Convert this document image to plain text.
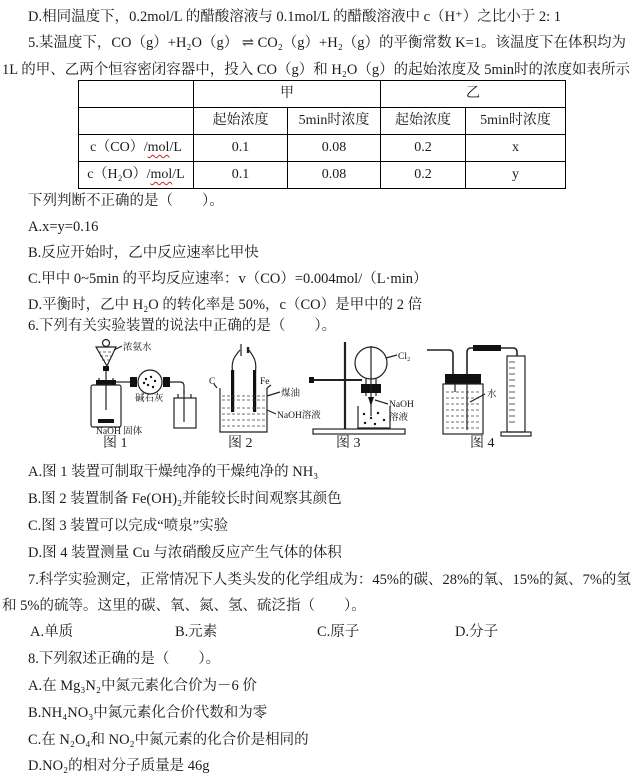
D.相同温度下，0.2mol/L 的醋酸溶液与 0.1mol/L 的醋酸溶液中 c（H⁺）之比小于 2: 1
5.某温度下，CO（g）+H₂O（g） ⇌ CO₂（g）+H₂（g）的平衡常数 K=1。该温度下在体积均为
1L 的甲、乙两个恒容密闭容器中，投入 CO（g）和 H₂O（g）的起始浓度及 5min时的浓度如表所示
	甲		乙	
	起始浓度	5min时浓度	起始浓度	5min时浓度
c（CO）/mol/L	0.1	0.08	0.2	x
c（H₂O）/mol/L	0.1	0.08	0.2	y
下列判断不正确的是（　　）。
A.x=y=0.16
B.反应开始时，乙中反应速率比甲快
C.甲中 0~5min 的平均反应速率：v（CO）=0.004mol/（L·min）
D.平衡时，乙中 H₂O 的转化率是 50%，c（CO）是甲中的 2 倍
6.下列有关实验装置的说法中正确的是（　　）。
浓氨水
碱石灰
NaOH 固体
图 1
C	Fe
煤油
NaOH溶液
图 2
Cl₂
NaOH
溶液
图 3
水
图 4
A.图 1 装置可制取干燥纯净的干燥纯净的 NH₃
B.图 2 装置制备 Fe(OH)₂并能较长时间观察其颜色
C.图 3 装置可以完成“喷泉”实验
D.图 4 装置测量 Cu 与浓硝酸反应产生气体的体积
7.科学实验测定，正常情况下人类头发的化学组成为：45%的碳、28%的氧、15%的氮、7%的氢
和 5%的硫等。这里的碳、氧、氮、氢、硫泛指（　　）。
A.单质	B.元素	C.原子	D.分子
8.下列叙述正确的是（　　）。
A.在 Mg₃N₂中氮元素化合价为－6 价
B.NH₄NO₃中氮元素化合价代数和为零
C.在 N₂O₄和 NO₂中氮元素的化合价是相同的
D.NO₂的相对分子质量是 46g
